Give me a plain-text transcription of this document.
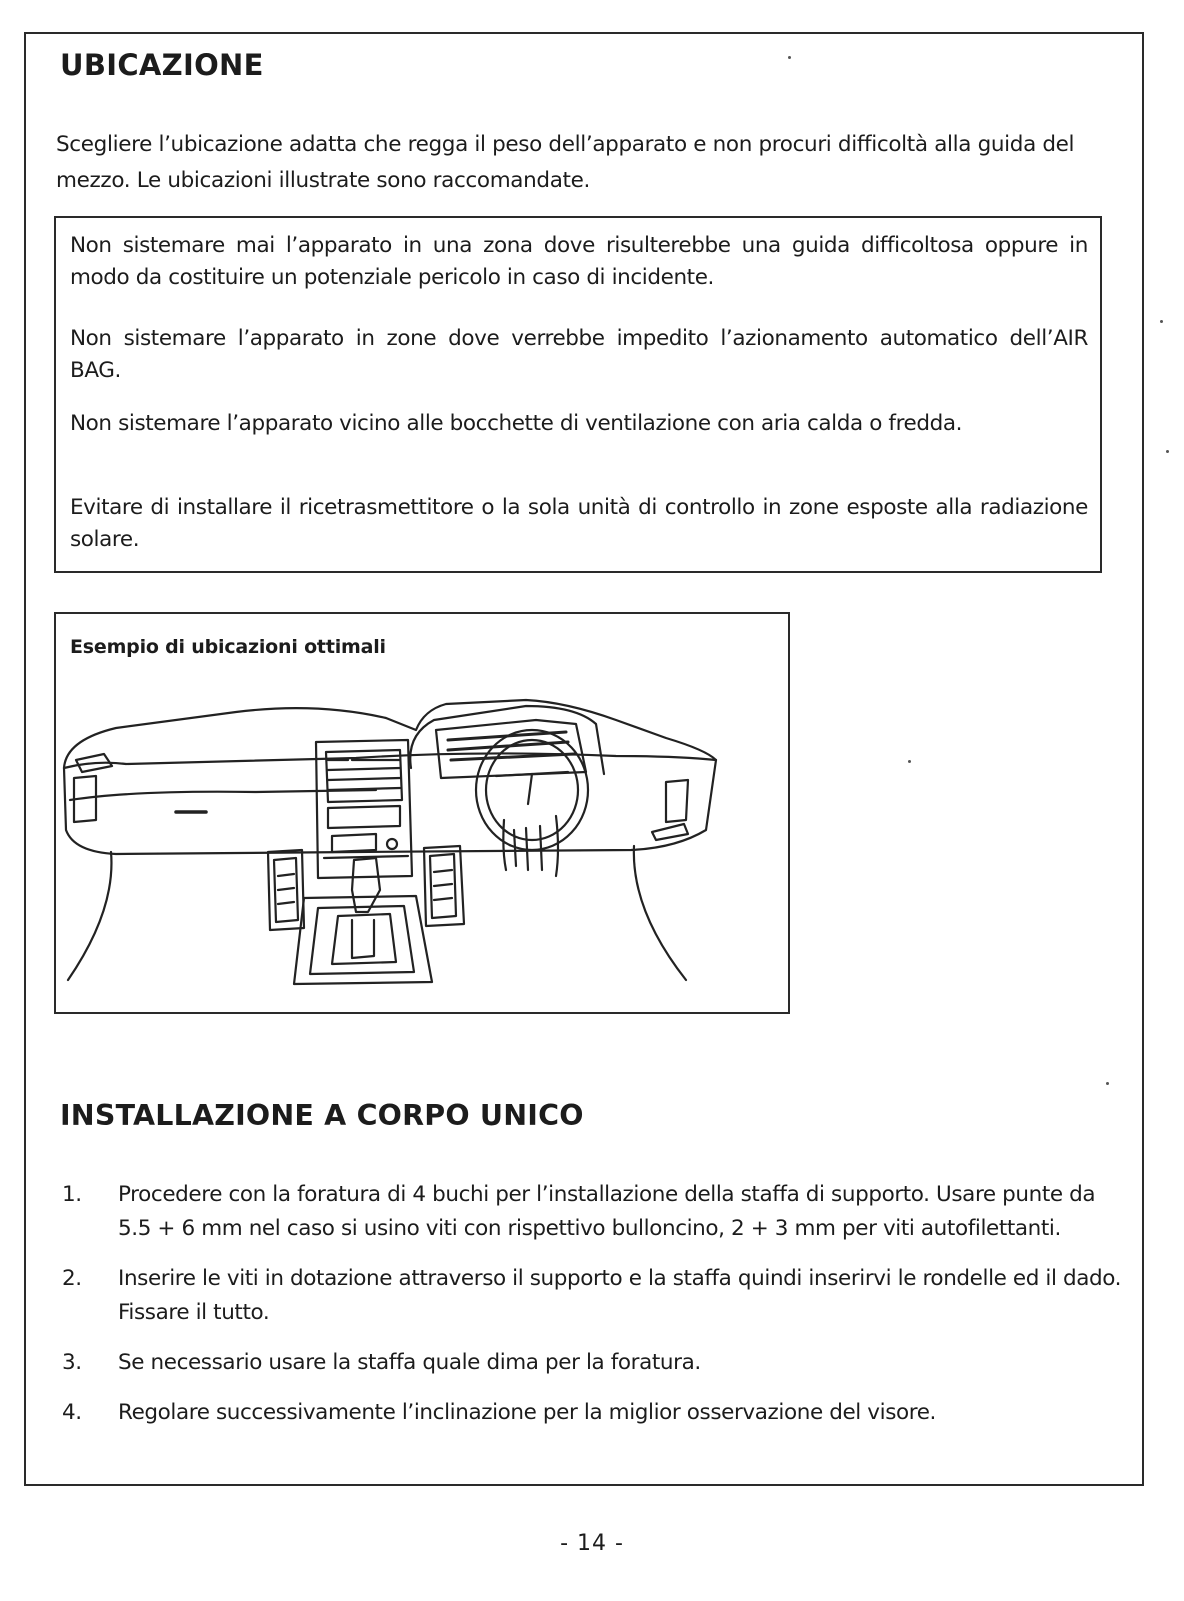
UBICAZIONE
Scegliere l’ubicazione adatta che regga il peso dell’apparato e non procuri difficoltà alla guida del mezzo. Le ubicazioni illustrate sono raccomandate.
Non sistemare mai l’apparato in una zona dove risulterebbe una guida difficoltosa oppure in modo da costituire un potenziale pericolo in caso di incidente.
Non sistemare l’apparato in zone dove verrebbe impedito l’azionamento automatico dell’AIR BAG.
Non sistemare l’apparato vicino alle bocchette di ventilazione con aria calda o fredda.
Evitare di installare il ricetrasmettitore o la sola unità di controllo in zone esposte alla radiazione solare.
Esempio di ubicazioni ottimali
INSTALLAZIONE A CORPO UNICO
1. Procedere con la foratura di 4 buchi per l’installazione della staffa di supporto. Usare punte da 5.5 + 6 mm nel caso si usino viti con rispettivo bulloncino, 2 + 3 mm per viti autofilettanti.
2. Inserire le viti in dotazione attraverso il supporto e la staffa quindi inserirvi le rondelle ed il dado. Fissare il tutto.
3. Se necessario usare la staffa quale dima per la foratura.
4. Regolare successivamente l’inclinazione per la miglior osservazione del visore.
- 14 -
